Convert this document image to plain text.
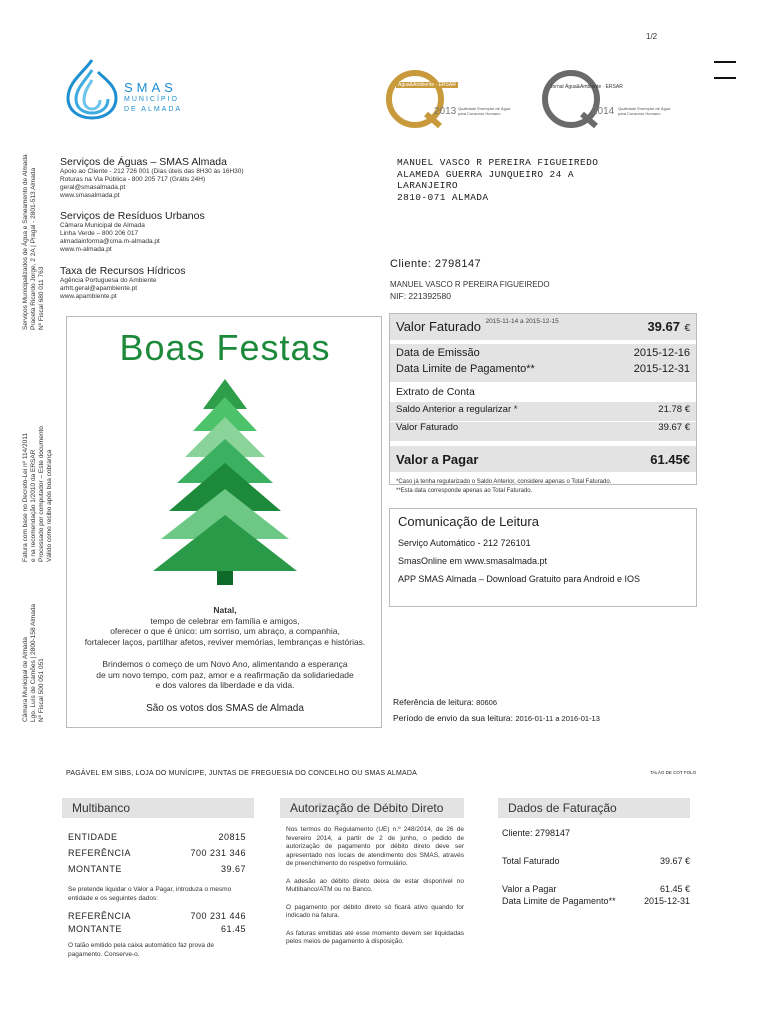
1/2
SMAS
MUNICÍPIO
DE ALMADA
Água&Ambiente · ERSAR
2013 Qualidade Exemplar de Água para Consumo Humano
Jornal Água&Ambiente · ERSAR
2014 Qualidade Exemplar de Água para Consumo Humano
Serviços Municipalizados de Água e Saneamento de Almada Praceta Ricardo Jorge, 2 2A | Pragal - 2801-513 Almada Nº Fiscal 680 011 763
Fatura com base no Decreto-Lei nº 114/2011 e na recomendação 1/2010 da ERSAR Processado por computador – Este documento Válido como recibo após boa cobrança
Câmara Municipal de Almada Lgo. Luís de Camões | 2800-158 Almada Nº Fiscal 500 051 051
Serviços de Águas – SMAS Almada
Apoio ao Cliente - 212 726 001 (Dias úteis das 8H30 às 16H30)
Roturas na Via Pública - 800 205 717 (Grátis 24H)
geral@smasalmada.pt
www.smasalmada.pt
Serviços de Resíduos Urbanos
Câmara Municipal de Almada
Linha Verde – 800 206 017
almadainforma@cma.m-almada.pt
www.m-almada.pt
Taxa de Recursos Hídricos
Agência Portuguesa do Ambiente
arhtt.geral@apambiente.pt
www.apambiente.pt
MANUEL VASCO R PEREIRA FIGUEIREDO
ALAMEDA GUERRA JUNQUEIRO 24 A
LARANJEIRO
2810-071 ALMADA
Cliente: 2798147
MANUEL VASCO R PEREIRA FIGUEIREDO
NIF: 221392580
Boas Festas
Natal,
tempo de celebrar em família e amigos,
oferecer o que é único: um sorriso, um abraço, a companhia,
fortalecer laços, partilhar afetos, reviver memórias, lembranças e histórias.
Brindemos o começo de um Novo Ano, alimentando a esperança
de um novo tempo, com paz, amor e a reafirmação da solidariedade
e dos valores da liberdade e da vida.
São os votos dos SMAS de Almada
Valor Faturado $^{2015-11-14 a 2015-12-15}$	39.67 €
Data de Emissão	2015-12-16
Data Limite de Pagamento**	2015-12-31
Extrato de Conta
Saldo Anterior a regularizar *	21.78 €
Valor Faturado	39.67 €
Valor a Pagar	61.45€
*Caso já tenha regularizado o Saldo Anterior, considere apenas o Total Faturado.
**Esta data corresponde apenas ao Total Faturado.
Comunicação de Leitura
Serviço Automático - 212 726101
SmasOnline em www.smasalmada.pt
APP SMAS Almada – Download Gratuito para Android e IOS
Referência de leitura: 80606
Período de envio da sua leitura: 2016-01-11 a 2016-01-13
PAGÁVEL EM SIBS, LOJA DO MUNÍCIPE, JUNTAS DE FREGUESIA DO CONCELHO OU SMAS ALMADA	TALÃO DE COT FOLO
Multibanco
ENTIDADE	20815
REFERÊNCIA	700 231 346
MONTANTE	39.67
Se pretende liquidar o Valor a Pagar, introduza o mesmo entidade e os seguintes dados:
REFERÊNCIA	700 231 446
MONTANTE	61.45
O talão emitido pela caixa automático faz prova de pagamento. Conserve-o.
Autorização de Débito Direto
Nos termos do Regulamento (UE) n.º 248/2014, de 26 de fevereiro 2014, a partir de 2 de junho, o pedido de autorização de pagamento por débito direto deve ser apresentado nos locais de atendimento dos SMAS, através de preenchimento do respetivo formulário.
A adesão ao débito direto deixa de estar disponível no Multibanco/ATM ou no Banco.
O pagamento por débito direto só ficará ativo quando for indicado na fatura.
As faturas emitidas até esse momento devem ser liquidadas pelos meios de pagamento à disposição.
Dados de Faturação
Cliente: 2798147
Total Faturado	39.67 €
Valor a Pagar	61.45 €
Data Limite de Pagamento**	2015-12-31
